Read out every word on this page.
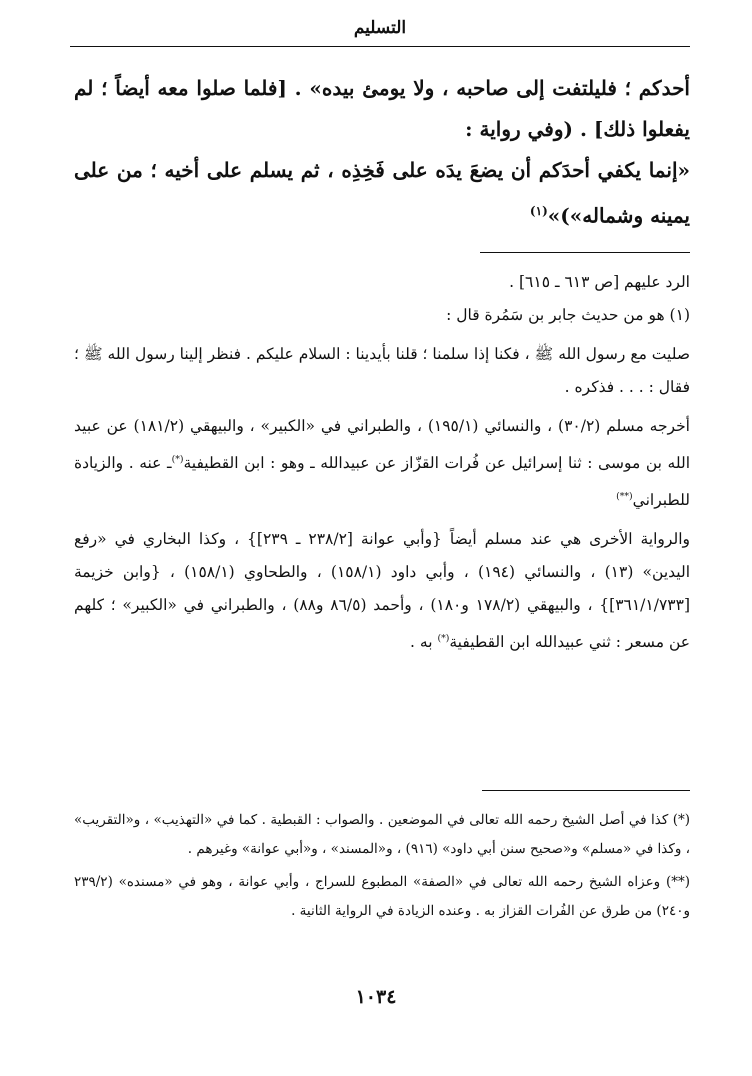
التسليم

أحدكم ؛ فليلتفت إلى صاحبه ، ولا يومئ بيده» . [فلما صلوا معه أيضاً ؛ لم يفعلوا ذلك] . (وفي رواية :

«إنما يكفي أحدَكم أن يضعَ يدَه على فَخِذِه ، ثم يسلم على أخيه ؛ من على يمينه وشماله»)»$^{(١)}$

الرد عليهم [ص ٦١٣ ـ ٦١٥] .

(١) هو من حديث جابر بن سَمُرة قال :

صليت مع رسول الله ﷺ ، فكنا إذا سلمنا ؛ قلنا بأيدينا : السلام عليكم . فنظر إلينا رسول الله ﷺ ؛ فقال : . . . فذكره .

أخرجه مسلم (٣٠/٢) ، والنسائي (١٩٥/١) ، والطبراني في «الكبير» ، والبيهقي (١٨١/٢) عن عبيد الله بن موسى : ثنا إسرائيل عن فُرات القزّاز عن عبيدالله ـ وهو : ابن القطيفية(*)ـ عنه . والزيادة للطبراني(**)

والرواية الأخرى هي عند مسلم أيضاً {وأبي عوانة [٢٣٨/٢ ـ ٢٣٩]} ، وكذا البخاري في «رفع اليدين» (١٣) ، والنسائي (١٩٤) ، وأبي داود (١٥٨/١) ، والطحاوي (١٥٨/١) ، {وابن خزيمة [٣٦١/١/٧٣٣]} ، والبيهقي (١٧٨/٢ و١٨٠) ، وأحمد (٨٦/٥ و٨٨) ، والطبراني في «الكبير» ؛ كلهم عن مسعر : ثني عبيدالله ابن القطيفية(*) به .

(*) كذا في أصل الشيخ رحمه الله تعالى في الموضعين . والصواب : القبطية . كما في «التهذيب» ، و«التقريب» ، وكذا في «مسلم» و«صحيح سنن أبي داود» (٩١٦) ، و«المسند» ، و«أبي عوانة» وغيرهم .

(**) وعزاه الشيخ رحمه الله تعالى في «الصفة» المطبوع للسراج ، وأبي عوانة ، وهو في «مسنده» (٢٣٩/٢ و٢٤٠) من طرق عن الفُرات القزاز به . وعنده الزيادة في الرواية الثانية .

١٠٣٤
